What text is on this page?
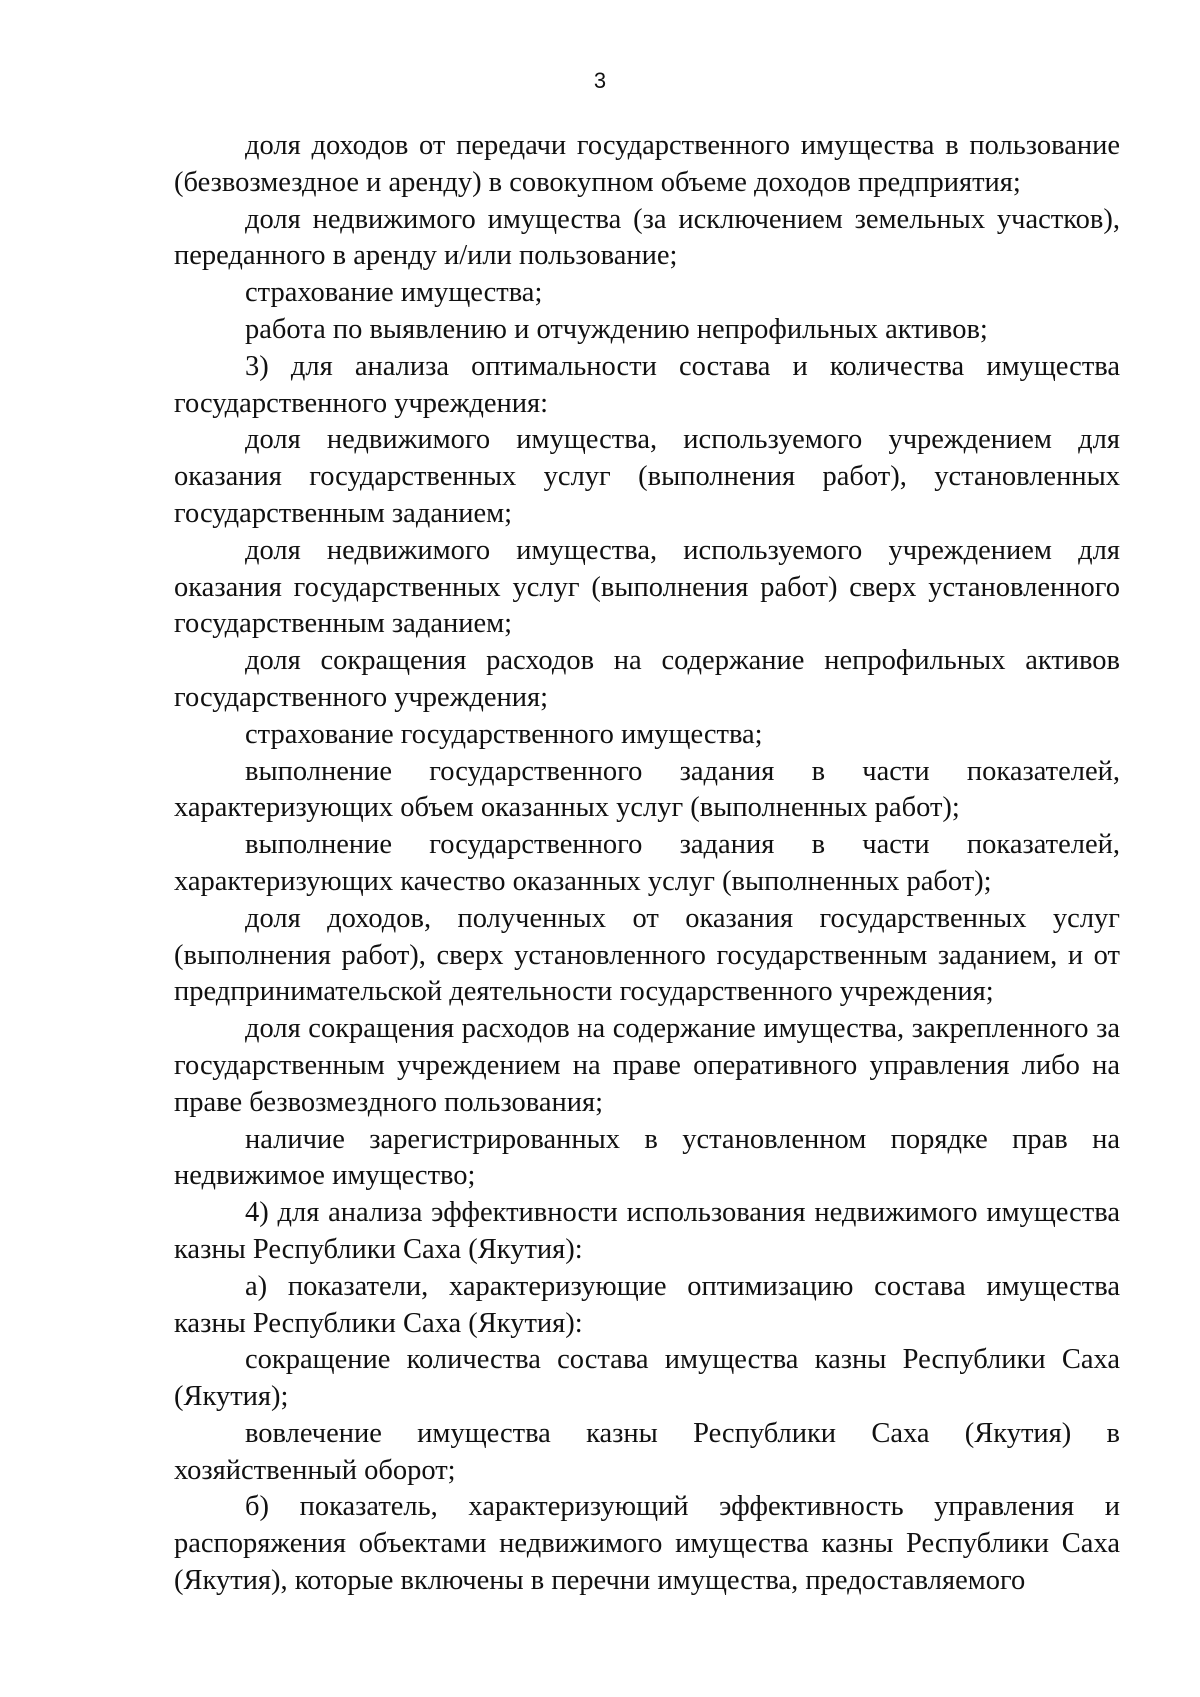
3

доля доходов от передачи государственного имущества в пользование (безвозмездное и аренду) в совокупном объеме доходов предприятия;

доля недвижимого имущества (за исключением земельных участков), переданного в аренду и/или пользование;

страхование имущества;

работа по выявлению и отчуждению непрофильных активов;

3) для анализа оптимальности состава и количества имущества государственного учреждения:

доля недвижимого имущества, используемого учреждением для оказания государственных услуг (выполнения работ), установленных государственным заданием;

доля недвижимого имущества, используемого учреждением для оказания государственных услуг (выполнения работ) сверх установленного государственным заданием;

доля сокращения расходов на содержание непрофильных активов государственного учреждения;

страхование государственного имущества;

выполнение государственного задания в части показателей, характеризующих объем оказанных услуг (выполненных работ);

выполнение государственного задания в части показателей, характеризующих качество оказанных услуг (выполненных работ);

доля доходов, полученных от оказания государственных услуг (выполнения работ), сверх установленного государственным заданием, и от предпринимательской деятельности государственного учреждения;

доля сокращения расходов на содержание имущества, закрепленного за государственным учреждением на праве оперативного управления либо на праве безвозмездного пользования;

наличие зарегистрированных в установленном порядке прав на недвижимое имущество;

4) для анализа эффективности использования недвижимого имущества казны Республики Саха (Якутия):

а) показатели, характеризующие оптимизацию состава имущества казны Республики Саха (Якутия):

сокращение количества состава имущества казны Республики Саха (Якутия);

вовлечение имущества казны Республики Саха (Якутия) в хозяйственный оборот;

б) показатель, характеризующий эффективность управления и распоряжения объектами недвижимого имущества казны Республики Саха (Якутия), которые включены в перечни имущества, предоставляемого
